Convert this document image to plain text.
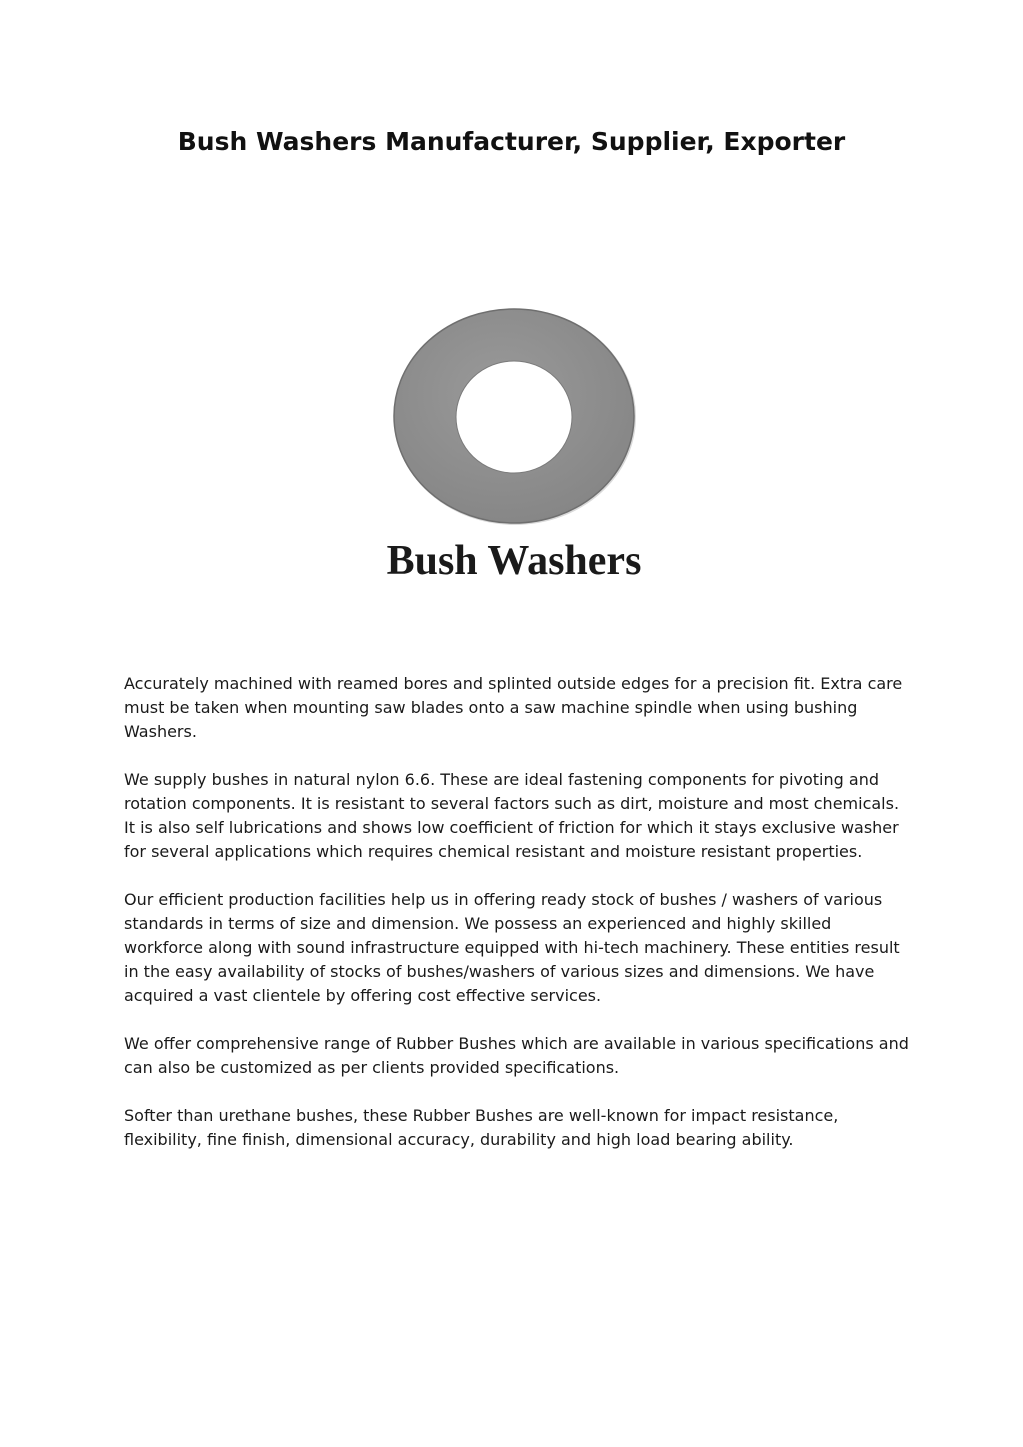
Bush Washers Manufacturer, Supplier, Exporter
Bush Washers

Accurately machined with reamed bores and splinted outside edges for a precision fit. Extra care must be taken when mounting saw blades onto a saw machine spindle when using bushing Washers.

We supply bushes in natural nylon 6.6. These are ideal fastening components for pivoting and rotation components. It is resistant to several factors such as dirt, moisture and most chemicals. It is also self lubrications and shows low coefficient of friction for which it stays exclusive washer for several applications which requires chemical resistant and moisture resistant properties.

Our efficient production facilities help us in offering ready stock of bushes / washers of various standards in terms of size and dimension. We possess an experienced and highly skilled workforce along with sound infrastructure equipped with hi-tech machinery. These entities result in the easy availability of stocks of bushes/washers of various sizes and dimensions. We have acquired a vast clientele by offering cost effective services.

We offer comprehensive range of Rubber Bushes which are available in various specifications and can also be customized as per clients provided specifications.

Softer than urethane bushes, these Rubber Bushes are well-known for impact resistance, flexibility, fine finish, dimensional accuracy, durability and high load bearing ability.
